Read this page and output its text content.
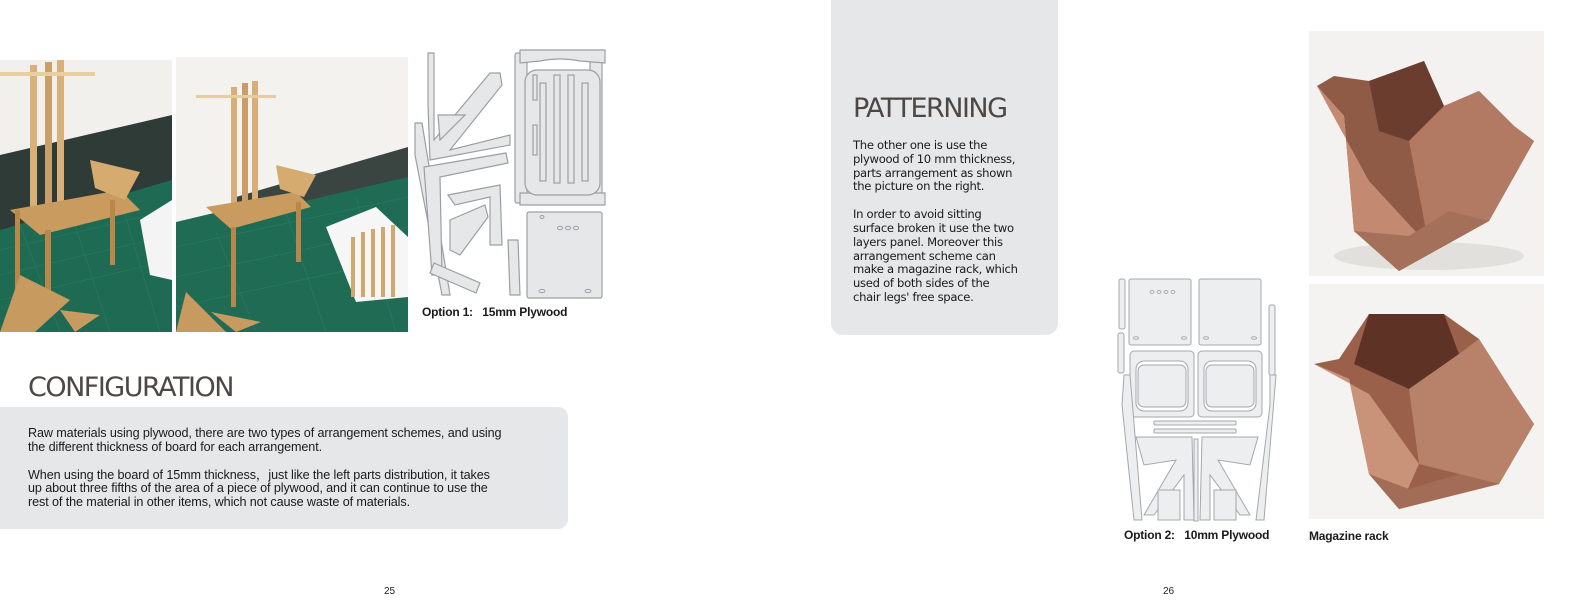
Option 1:   15mm Plywood
CONFIGURATION

Raw materials using plywood, there are two types of arrangement schemes, and using
the different thickness of board for each arrangement.

When using the board of 15mm thickness，just like the left parts distribution, it takes
up about three fifths of the area of a piece of plywood, and it can continue to use the
rest of the material in other items, which not cause waste of materials.

25
PATTERNING

The other one is use the
plywood of 10 mm thickness,
parts arrangement as shown
the picture on the right.

In order to avoid sitting
surface broken it use the two
layers panel. Moreover this
arrangement scheme can
make a magazine rack, which
used of both sides of the
chair legs' free space.

Option 2:   10mm Plywood	Magazine rack
26
